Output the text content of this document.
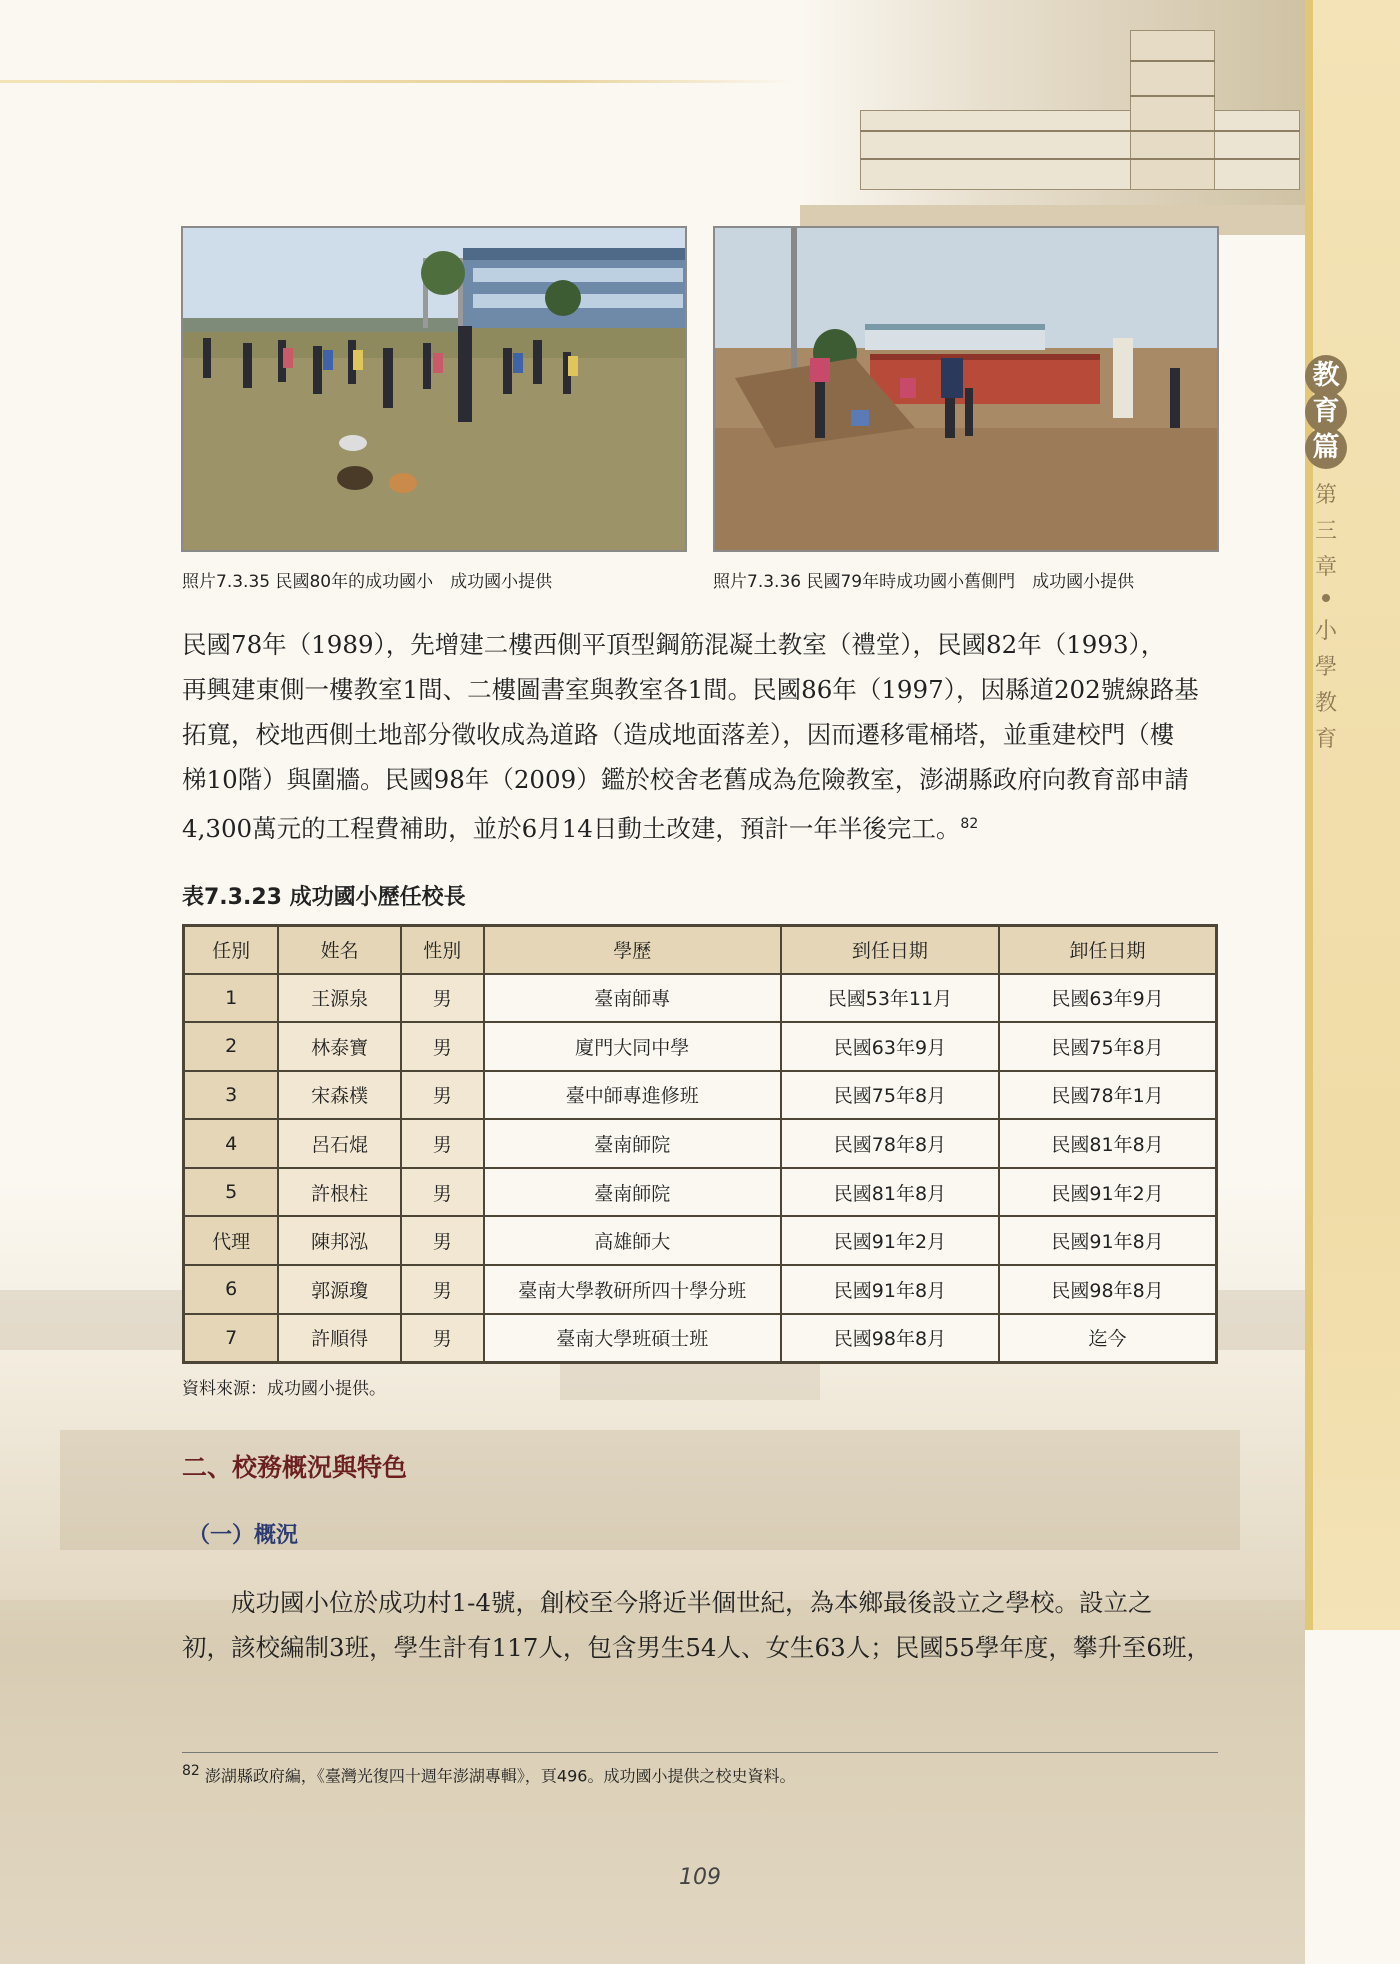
教
育
篇
第
三
章
小
學
教
育
照片7.3.35 民國80年的成功國小　成功國小提供	照片7.3.36 民國79年時成功國小舊側門　成功國小提供
民國78年（1989），先增建二樓西側平頂型鋼筋混凝土教室（禮堂），民國82年（1993），
再興建東側一樓教室1間、二樓圖書室與教室各1間。民國86年（1997），因縣道202號線路基
拓寬，校地西側土地部分徵收成為道路（造成地面落差），因而遷移電桶塔，並重建校門（樓
梯10階）與圍牆。民國98年（2009）鑑於校舍老舊成為危險教室，澎湖縣政府向教育部申請
4,300萬元的工程費補助，並於6月14日動土改建，預計一年半後完工。$^{82}$
表7.3.23 成功國小歷任校長
任別	姓名	性別	學歷	到任日期	卸任日期
1	王源泉	男	臺南師專	民國53年11月	民國63年9月
2	林泰寶	男	廈門大同中學	民國63年9月	民國75年8月
3	宋森樸	男	臺中師專進修班	民國75年8月	民國78年1月
4	呂石焜	男	臺南師院	民國78年8月	民國81年8月
5	許根柱	男	臺南師院	民國81年8月	民國91年2月
代理	陳邦泓	男	高雄師大	民國91年2月	民國91年8月
6	郭源瓊	男	臺南大學教研所四十學分班	民國91年8月	民國98年8月
7	許順得	男	臺南大學班碩士班	民國98年8月	迄今
資料來源：成功國小提供。
二、校務概況與特色
（一）概況
　　成功國小位於成功村1-4號，創校至今將近半個世紀，為本鄉最後設立之學校。設立之
初，該校編制3班，學生計有117人，包含男生54人、女生63人；民國55學年度，攀升至6班，
82 澎湖縣政府編，《臺灣光復四十週年澎湖專輯》，頁496。成功國小提供之校史資料。
109
